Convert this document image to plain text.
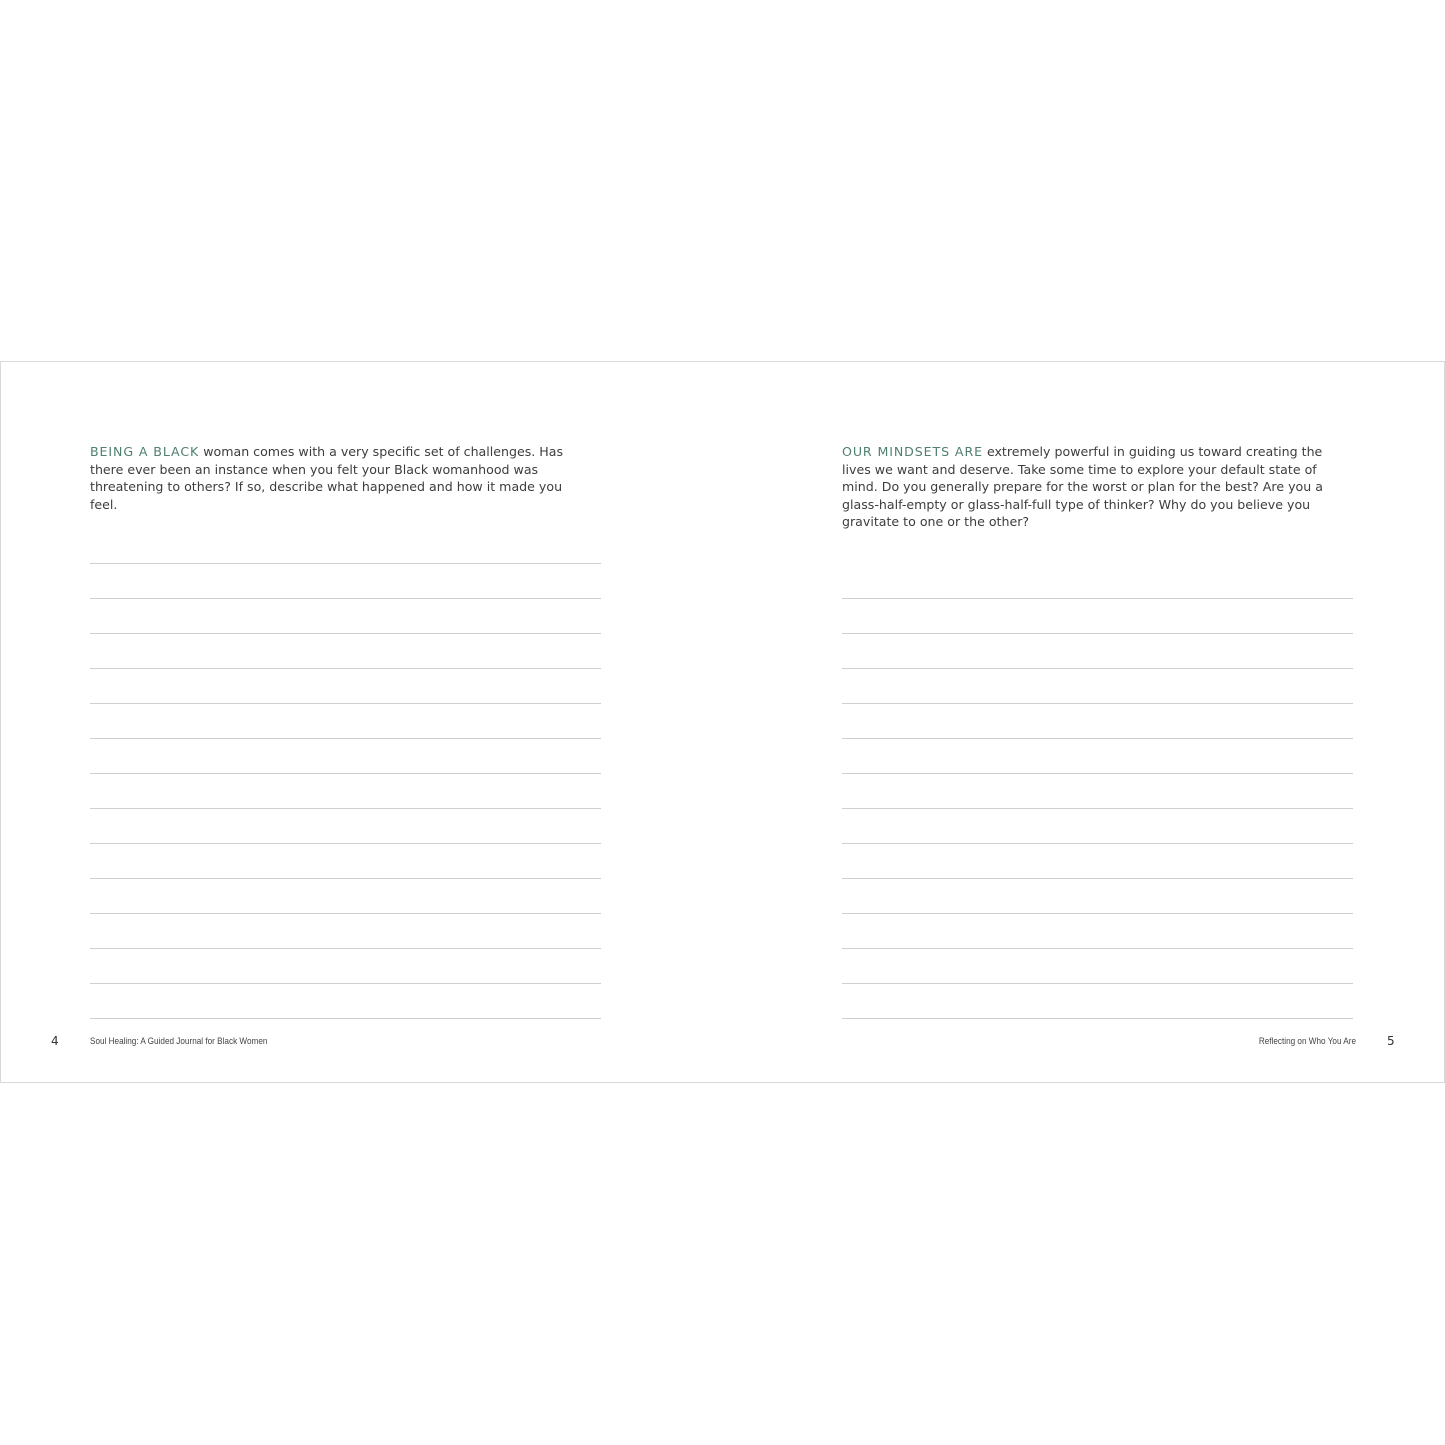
BEING A BLACK woman comes with a very specific set of challenges. Has there ever been an instance when you felt your Black womanhood was threatening to others? If so, describe what happened and how it made you feel.

4	Soul Healing: A Guided Journal for Black Women

OUR MINDSETS ARE extremely powerful in guiding us toward creating the lives we want and deserve. Take some time to explore your default state of mind. Do you generally prepare for the worst or plan for the best? Are you a glass-half-empty or glass-half-full type of thinker? Why do you believe you gravitate to one or the other?

Reflecting on Who You Are	5
